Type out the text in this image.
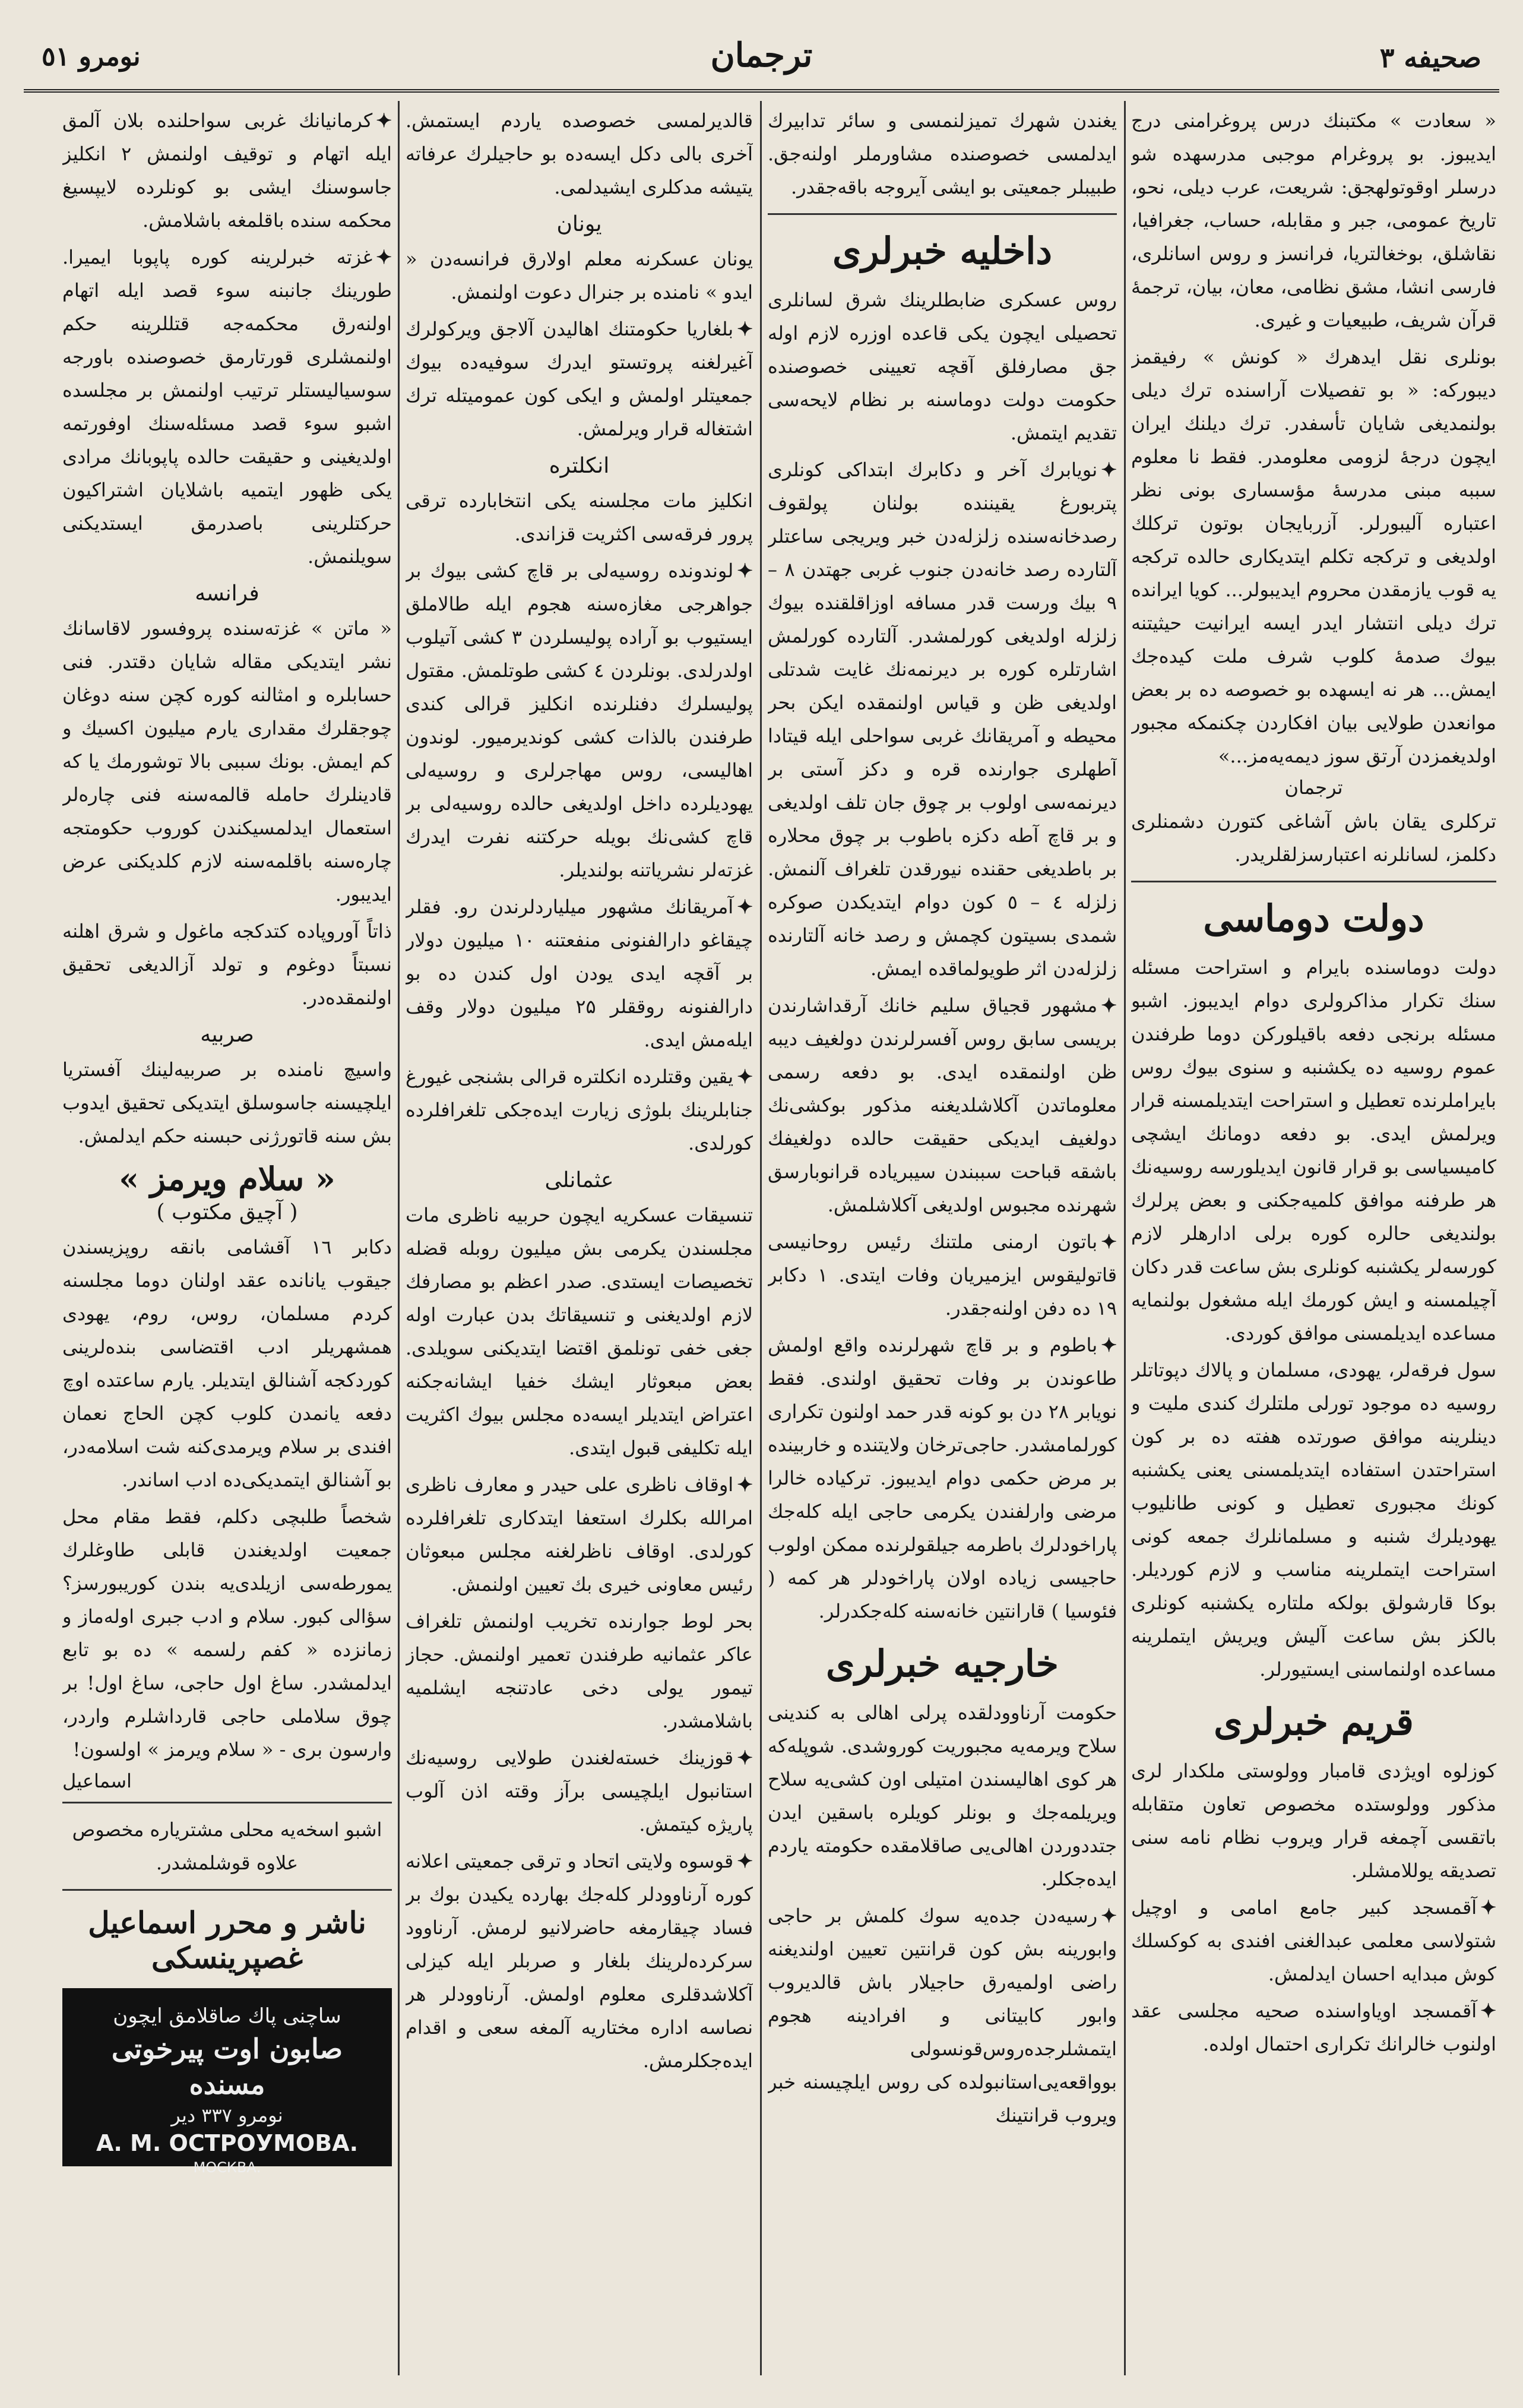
صحیفه ۳
ترجمان
نومرو ٥١

« سعادت » مکتبنك درس پروغرامنی درج ایدیبوز. بو پروغرام موجبی مدرسهده شو درسلر اوقوتولهجق: شریعت، عرب دیلی، نحو، تاریخ عمومی، جبر و مقابله، حساب، جغرافیا، نقاشلق، بوخغالتریا، فرانسز و روس اسانلری، فارسی انشا، مشق نظامی، معان، بیان، ترجمهٔ قرآن شریف، طبیعیات و غیری.

بونلری نقل ایدهرك « کونش » رفیقمز دیبورکه: « بو تفصیلات آراسنده ترك دیلی بولنمدیغی شایان تأسفدر. ترك دیلنك ایران ایچون درجهٔ لزومی معلومدر. فقط نا معلوم سببه مبنی مدرسهٔ مؤسساری بونی نظر اعتباره آلیبورلر. آزربایجان بوتون ترکلك اولدیغی و ترکجه تکلم ایتدیکاری حالده ترکجه یه قوب یازمقدن محروم ایدیبولر... کویا ایرانده ترك دیلی انتشار ایدر ایسه ایرانیت حیثیتنه بیوك صدمهٔ کلوب شرف ملت کیده‌جك ایمش... هر نه ایسهده بو خصوصه ده بر بعض موانعدن طولایی بیان افکاردن چکنمکه مجبور اولدیغمزدن آرتق سوز دیمه‌یه‌مز...»

ترجمان

ترکلری یقان باش آشاغی کتورن دشمنلری دکلمز، لسانلرنه اعتبارسزلقلریدر.

دولت دوماسی

دولت دوماسنده بایرام و استراحت مسئله سنك تکرار مذاکرولری دوام ایدیبوز. اشبو مسئله برنجی دفعه باقیلورکن دوما طرفندن عموم روسیه ده یکشنبه و سنوی بیوك روس بایراملرنده تعطیل و استراحت ایتدیلمسنه قرار ویرلمش ایدی. بو دفعه دومانك ایشچی کامیسیاسی بو قرار قانون ایدیلورسه روسیه‌نك هر طرفنه موافق کلمیه‌جکنی و بعض پرلرك بولندیغی حالره کوره برلی ادارهلر لازم کورسه‌لر یکشنبه کونلری بش ساعت قدر دکان آچیلمسنه و ایش کورمك ایله مشغول بولنمایه مساعده ایدیلمسنی موافق کوردی.

سول فرقه‌لر، یهودی، مسلمان و پالاك دپوتاتلر روسیه ده موجود تورلی ملتلرك کندی ملیت و دینلرینه موافق صورتده هفته ده بر کون استراحتدن استفاده ایتدیلمسنی یعنی یکشنبه کونك مجبوری تعطیل و کونی طانلیوب یهودیلرك شنبه و مسلمانلرك جمعه کونی استراحت ایتملرینه مناسب و لازم کوردیلر. بوکا قارشولق بولکه ملتاره یکشنبه کونلری بالکز بش ساعت آلیش ویریش ایتملرینه مساعده اولنماسنی ایستیورلر.

قریم خبرلری

کوزلوه اویژدی قامبار وولوستی ملکدار لری مذکور وولوستده مخصوص تعاون متقابله باتقسی آچمغه قرار ویروب نظام نامه سنی تصدیقه یوللامشلر.

✦آقمسجد کبیر جامع امامی و اوچیل شتولاسی معلمی عبدالغنی افندی به کوکسلك کوش مبدایه احسان ایدلمش.

✦آقمسجد اویاواسنده صحیه مجلسی عقد اولنوب خالرانك تکراری احتمال اولده.

یغندن شهرك تمیزلنمسی و سائر تدابیرك ایدلمسی خصوصنده مشاورملر اولنه‌جق. طبیبلر جمعیتی بو ایشی آیروجه باقه‌جقدر.

داخلیه خبرلری

روس عسکری ضابطلرینك شرق لسانلری تحصیلی ایچون یکی قاعده اوزره لازم اوله جق مصارفلق آقچه تعیینی خصوصنده حکومت دولت دوماسنه بر نظام لایحه‌سی تقدیم ایتمش.

✦نویابرك آخر و دکابرك ابتداکی کونلری پتربورغ یقیننده بولنان پولقوف رصدخانه‌سنده زلزله‌دن خبر ویریجی ساعتلر آلتارده رصد خانه‌دن جنوب غربی جهتدن ۸ – ۹ بیك ورست قدر مسافه اوزاقلقنده بیوك زلزله اولدیغی کورلمشدر. آلتارده کورلمش اشارتلره کوره بر دیرنمه‌نك غایت شدتلی اولدیغی ظن و قیاس اولنمقده ایکن بحر محیطه و آمریقانك غربی سواحلی ایله قیتادا آطهلری جوارنده قره و دکز آستی بر دیرنمه‌سی اولوب بر چوق جان تلف اولدیغی و بر قاچ آطه دکزه باطوب بر چوق محلاره بر باطدیغی حقنده نیورقدن تلغراف آلنمش. زلزله ٤ – ٥ کون دوام ایتدیکدن صوکره شمدی بسیتون کچمش و رصد خانه آلتارنده زلزله‌دن اثر طویولماقده ایمش.

✦مشهور قجیاق سلیم خانك آرقداشارندن بریسی سابق روس آفسرلرندن دولغیف دیبه ظن اولنمقده ایدی. بو دفعه رسمی معلوماتدن آکلاشلدیغنه مذکور بوکشی‌نك دولغیف ایدیکی حقیقت حالده دولغیفك باشقه قباحت سببندن سیبریاده قرانوبارسق شهرنده مجبوس اولدیغی آکلاشلمش.

✦باتون ارمنی ملتنك رئیس روحانیسی قاتولیقوس ایزمیریان وفات ایتدی. ۱ دکابر ۱۹ ده دفن اولنه‌جقدر.

✦باطوم و بر قاچ شهرلرنده واقع اولمش طاعوندن بر وفات تحقیق اولندی. فقط نویابر ۲۸ دن بو کونه قدر حمد اولنون تکراری کورلمامشدر. حاجی‌ترخان ولایتنده و خاربینده بر مرض حکمی دوام ایدیبوز. ترکیاده خالرا مرضی وارلفندن یکرمی حاجی ایله کله‌جك پاراخودلرك باطرمه جیلقولرنده ممکن اولوب حاجیسی زیاده اولان پاراخودلر هر کمه ( فئوسیا ) قارانتین خانه‌سنه کله‌جکدرلر.

خارجیه خبرلری

حکومت آرناوودلقده پرلی اهالی به کندینی سلاح ویرمه‌یه مجبوریت کوروشدی. شوپله‌که هر کوی اهالیسندن امتیلی اون کشی‌یه سلاح ویریلمه‌جك و بونلر کویلره باسقین ایدن جتددوردن اهالی‌یی صاقلامقده حکومته یاردم ایده‌جکلر.

✦رسیه‌دن جده‌یه سوك کلمش بر حاجی وابورینه بش کون قرانتین تعیین اولندیغنه راضی اولمیه‌رق حاجیلار باش قالدیروب وابور کابیتانی و افرادینه هجوم ایتمشلرجده‌روس‌قونسولی بوواقعه‌یی‌استانبولده کی روس ایلچیسنه خبر ویروب قرانتینك

قالدیرلمسی خصوصده یاردم ایستمش. آخری بالی دکل ایسه‌ده بو حاجیلرك عرفاته یتیشه مدکلری ایشیدلمی.

یونان

یونان عسکرنه معلم اولارق فرانسه‌دن « ایدو » نامنده بر جنرال دعوت اولنمش.

✦بلغاریا حکومتنك اهالیدن آلاجق ویرکولرك آغیرلغنه پروتستو ایدرك سوفیه‌ده بیوك جمعیتلر اولمش و ایکی کون عمومیتله ترك اشتغاله قرار ویرلمش.

انکلتره

انکلیز مات مجلسنه یکی انتخابارده ترقی پرور فرقه‌سی اکثریت قزاندی.

✦لوندونده روسیه‌لی بر قاچ کشی بیوك بر جواهرجی مغازه‌سنه هجوم ایله طالاملق ایستیوب بو آراده پولیسلردن ۳ کشی آتیلوب اولدرلدی. بونلردن ٤ کشی طوتلمش. مقتول پولیسلرك دفنلرنده انکلیز قرالی کندی طرفندن بالذات کشی کوندیرمیور. لوندون اهالیسی، روس مهاجرلری و روسیه‌لی یهودیلرده داخل اولدیغی حالده روسیه‌لی بر قاچ کشی‌نك بویله حرکتنه نفرت ایدرك غزته‌لر نشریاتنه بولندیلر.

✦آمریقانك مشهور میلیاردلرندن رو. فقلر چیقاغو دارالفنونی منفعتنه ۱۰ میلیون دولار بر آقچه ایدی یودن اول کندن ده بو دارالفنونه رو‌ققلر ۲۵ میلیون دولار وقف ایله‌مش ایدی.

✦یقین وقتلرده انکلتره قرالی بشنجی غیورغ جنابلرینك بلوژی زیارت ایده‌جکی تلغرافلرده کورلدی.

عثمانلی

تنسیقات عسکریه ایچون حربیه ناظری مات مجلسندن یکرمی بش میلیون روبله قضله تخصیصات ایستدی. صدر اعظم بو مصارفك لازم اولدیغنی و تنسیقاتك بدن عبارت اوله جغی خفی تونلمق اقتضا ایتدیکنی سویلدی. بعض مبعوثار ایشك خفیا ایشانه‌جکنه اعتراض ایتدیلر ایسه‌ده مجلس بیوك اکثریت ایله تکلیفی قبول ایتدی.

✦اوقاف ناظری علی حیدر و معارف ناظری امرالله بکلرك استعفا ایتدکاری تلغرافلرده کورلدی. اوقاف ناظرلغنه مجلس مبعوثان رئیس معاونی خیری بك تعیین اولنمش.

بحر لوط جوارنده تخریب اولنمش تلغراف عاکر عثمانیه طرفندن تعمیر اولنمش. حجاز تیمور یولی دخی عادتنجه ایشلمیه باشلامشدر.

✦قوزینك خسته‌لغندن طولایی روسیه‌نك استانبول ایلچیسی برآز وقته اذن آلوب پاریژه کیتمش.

✦قوسوه ولایتی اتحاد و ترقی جمعیتی اعلانه کوره آرناوودلر کله‌جك بهارده یکیدن بوك بر فساد چیقارمغه حاضرلانیو لرمش. آرناوود سرکرده‌لرینك بلغار و صربلر ایله کیزلی آکلاشدقلری معلوم اولمش. آرناوودلر هر نصاسه اداره مختاریه آلمغه سعی و اقدام ایده‌جکلرمش.

✦کرمانیانك غربی سواحلنده بلان آلمق ایله اتهام و توقیف اولنمش ۲ انکلیز جاسوسنك ایشی بو کونلرده لایپسیغ محکمه سنده باقلمغه باشلامش.

✦غزته خبرلرینه کوره پاپوبا ایمیرا. طورینك جانبنه سوء قصد ایله اتهام اولنه‌رق محکمه‌جه قتللرینه حکم اولنمشلری قورتارمق خصوصنده باورجه سوسیالیستلر ترتیب اولنمش بر مجلسده اشبو سوء قصد مسئله‌سنك اوفورتمه اولدیغینی و حقیقت حالده پاپوبانك مرادی یکی ظهور ایتمیه باشلایان اشتراکیون حرکتلرینی باصدرمق ایستدیکنی سویلنمش.

فرانسه

« ماتن » غزته‌سنده پروفسور لاقاسانك نشر ایتدیکی مقاله شایان دقتدر. فنی حسابلره و امثالنه کوره کچن سنه دوغان چوجقلرك مقداری یارم میلیون اکسیك و کم ایمش. بونك سببی بالا توشورمك یا که قادینلرك حامله قالمه‌سنه فنی چاره‌لر استعمال ایدلمسیکندن کوروب حکومتجه چاره‌سنه باقلمه‌سنه لازم کلدیکنی عرض ایدیبور.

ذاتاً آوروپاده کتدکجه ماغول و شرق اهلنه نسبتاً دوغوم و تولد آزالدیغی تحقیق اولنمقده‌در.

صربیه

واسیچ نامنده بر صربیه‌لینك آفستریا ایلچیسنه جاسوسلق ایتدیکی تحقیق ایدوب بش سنه قاتورژنی حبسنه حکم ایدلمش.

« سلام ویرمز »
( آچیق مکتوب )

دکابر ۱٦ آقشامی بانقه روپزیسندن جیقوب یانانده عقد اولنان دوما مجلسنه کردم مسلمان، روس، روم، یهودی همشهریلر ادب اقتضاسی بنده‌لرینی کوردکجه آشنالق ایتدیلر. یارم ساعتده اوچ دفعه یانمدن کلوب کچن الحاج نعمان افندی بر سلام ویرمدی‌کنه شت اسلامه‌در، بو آشنالق ایتمدیکی‌ده ادب اساندر.

شخصاً طلبچی دکلم، فقط مقام محل جمعیت اولدیغندن قابلی طاوغلرك یمورطه‌سی ازیلدی‌یه بندن کوریبورسز؟ سؤالی کبور. سلام و ادب جبری اوله‌ماز و زمانزده « کفم رلسمه » ده بو تابع ایدلمشدر. ساغ اول حاجی، ساغ اول! بر چوق سلاملی حاجی قارداشلرم واردر، وارسون بری - « سلام ویرمز » اولسون!

اسماعیل

اشبو اسخه‌یه محلی مشتریاره مخصوص علاوه قوشلمشدر.

ناشر و محرر اسماعیل غصپرینسکی
ساچنی پاك صاقلامق ایچون
صابون اوت پیرخوتی مسنده
نومرو ۳۳۷ دیر
А. М. ОСТРОУМОВА.
МОСКВА.
